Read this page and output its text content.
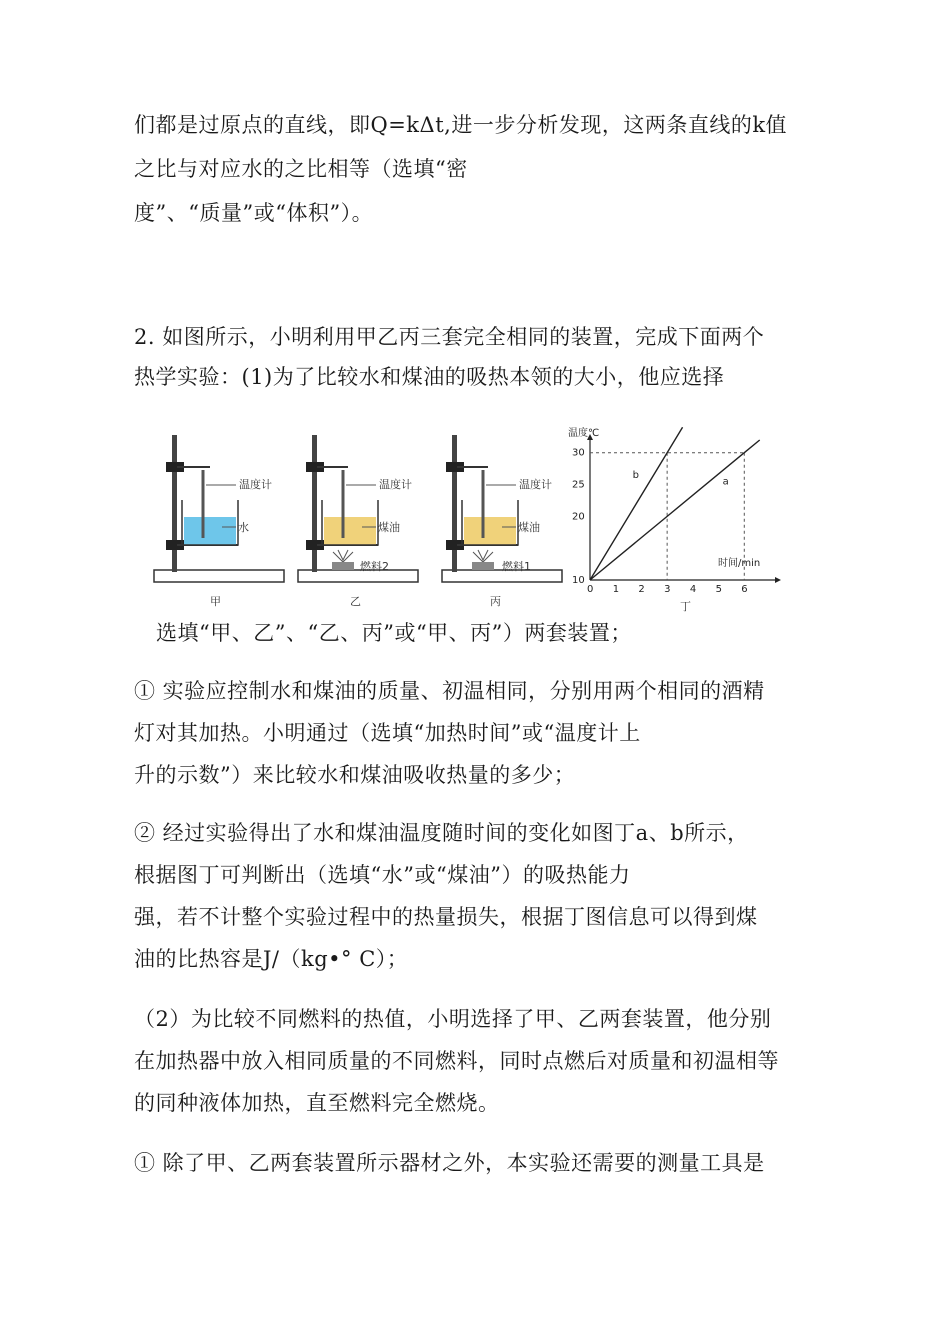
们都是过原点的直线，即Q=kΔt,进一步分析发现，这两条直线的k值
之比与对应水的之比相等（选填“密
度”、“质量”或“体积”）。
2. 如图所示，小明利用甲乙丙三套完全相同的装置，完成下面两个
热学实验：(1)为了比较水和煤油的吸热本领的大小，他应选择
温度计
水
甲
温度计
煤油
燃料2
乙
温度计
煤油
燃料1
丙
温度℃
时间/min
丁
0 1 2 3 4 5 6
10
20
25
30
b
a
选填“甲、乙”、“乙、丙”或“甲、丙”）两套装置；
① 实验应控制水和煤油的质量、初温相同，分别用两个相同的酒精
灯对其加热。小明通过（选填“加热时间”或“温度计上
升的示数”）来比较水和煤油吸收热量的多少；
② 经过实验得出了水和煤油温度随时间的变化如图丁a、b所示，
根据图丁可判断出（选填“水”或“煤油”）的吸热能力
强，若不计整个实验过程中的热量损失，根据丁图信息可以得到煤
油的比热容是J/（kg•° C）；
（2）为比较不同燃料的热值，小明选择了甲、乙两套装置，他分别
在加热器中放入相同质量的不同燃料，同时点燃后对质量和初温相等
的同种液体加热，直至燃料完全燃烧。
① 除了甲、乙两套装置所示器材之外，本实验还需要的测量工具是
